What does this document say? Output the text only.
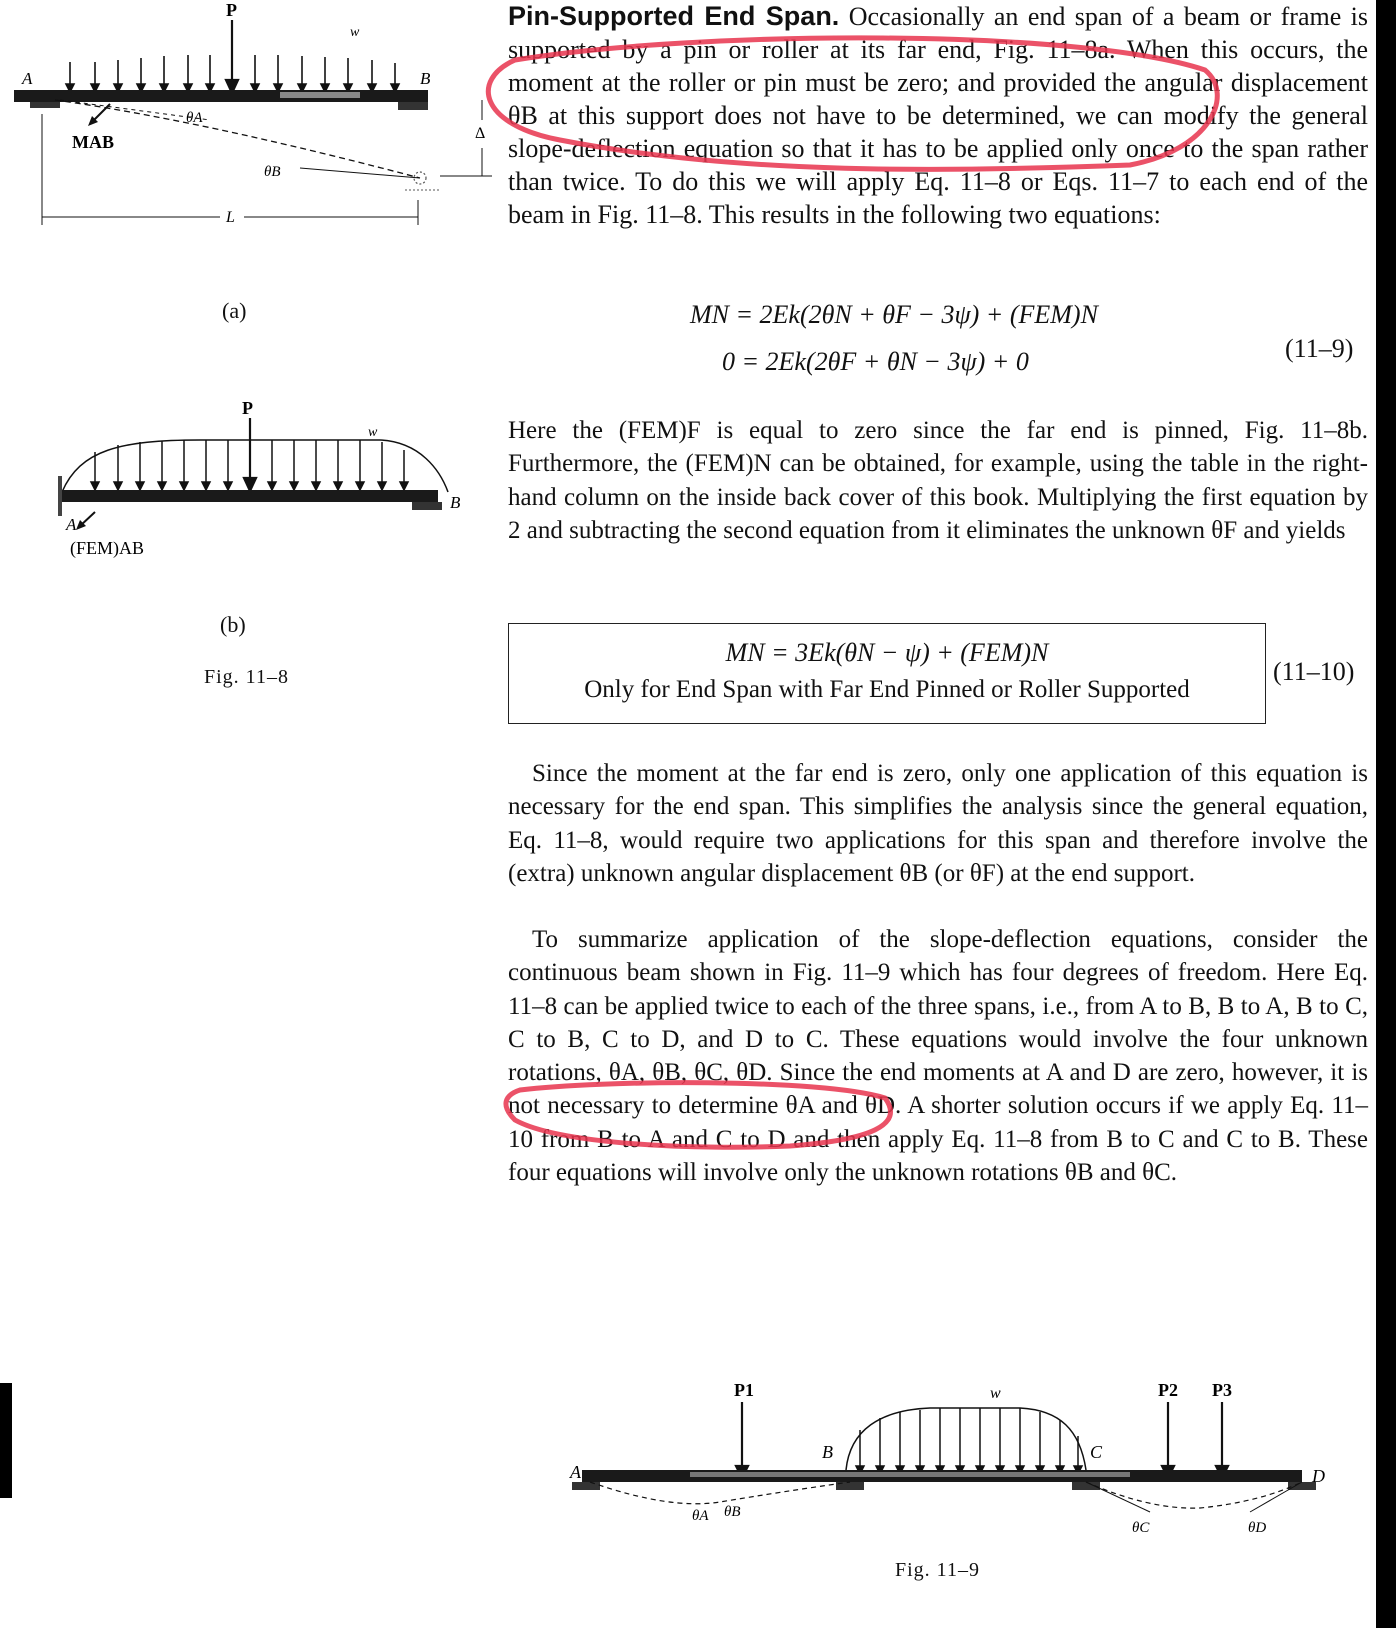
Pin-Supported End Span. Occasionally an end span of a beam or frame is supported by a pin or roller at its far end, Fig. 11–8a. When this occurs, the moment at the roller or pin must be zero; and provided the angular displacement θB at this support does not have to be determined, we can modify the general slope-deflection equation so that it has to be applied only once to the span rather than twice. To do this we will apply Eq. 11–8 or Eqs. 11–7 to each end of the beam in Fig. 11–8. This results in the following two equations:
MN = 2Ek(2θN + θF − 3ψ) + (FEM)N
0 = 2Ek(2θF + θN − 3ψ) + 0	(11–9)
Here the (FEM)F is equal to zero since the far end is pinned, Fig. 11–8b. Furthermore, the (FEM)N can be obtained, for example, using the table in the right-hand column on the inside back cover of this book. Multiplying the first equation by 2 and subtracting the second equation from it eliminates the unknown θF and yields
MN = 3Ek(θN − ψ) + (FEM)N
Only for End Span with Far End Pinned or Roller Supported
(11–10)
Since the moment at the far end is zero, only one application of this equation is necessary for the end span. This simplifies the analysis since the general equation, Eq. 11–8, would require two applications for this span and therefore involve the (extra) unknown angular displacement θB (or θF) at the end support.
To summarize application of the slope-deflection equations, consider the continuous beam shown in Fig. 11–9 which has four degrees of freedom. Here Eq. 11–8 can be applied twice to each of the three spans, i.e., from A to B, B to A, B to C, C to B, C to D, and D to C. These equations would involve the four unknown rotations, θA, θB, θC, θD. Since the end moments at A and D are zero, however, it is not necessary to determine θA and θD. A shorter solution occurs if we apply Eq. 11–10 from B to A and C to D and then apply Eq. 11–8 from B to C and C to B. These four equations will involve only the unknown rotations θB and θC.
P
w
A	B
MAB
θA
θB
Δ
L
(a)
P
w
A
B
(FEM)AB
(b)
Fig. 11–8
P1	P2 P3
w
A
B	C
D
θA θB
θC	θD
Fig. 11–9
